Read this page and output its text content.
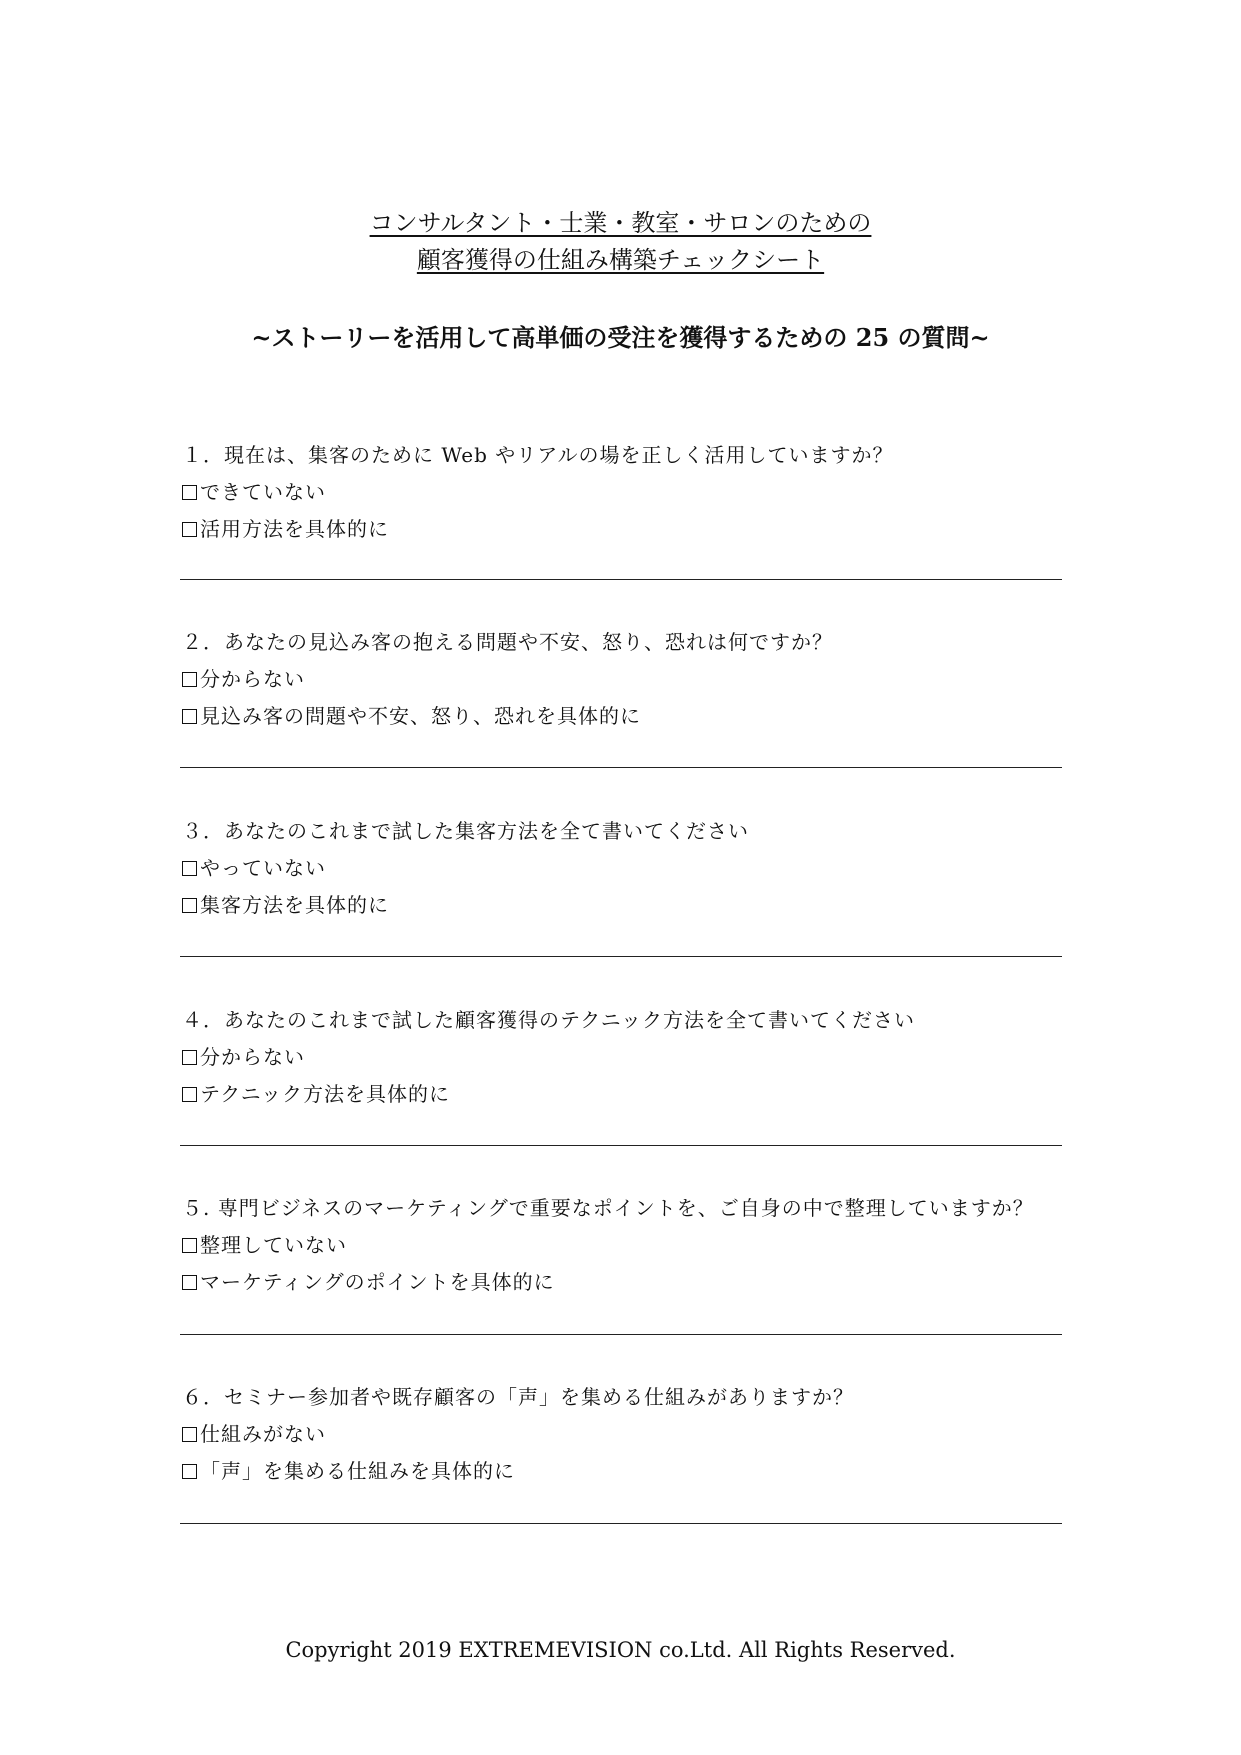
コンサルタント・士業・教室・サロンのための
顧客獲得の仕組み構築チェックシート
~ストーリーを活用して高単価の受注を獲得するための 25 の質問~
１．現在は、集客のために Web やリアルの場を正しく活用していますか？
できていない
活用方法を具体的に
２．あなたの見込み客の抱える問題や不安、怒り、恐れは何ですか？
分からない
見込み客の問題や不安、怒り、恐れを具体的に
３．あなたのこれまで試した集客方法を全て書いてください
やっていない
集客方法を具体的に
４．あなたのこれまで試した顧客獲得のテクニック方法を全て書いてください
分からない
テクニック方法を具体的に
５. 専門ビジネスのマーケティングで重要なポイントを、ご自身の中で整理していますか？
整理していない
マーケティングのポイントを具体的に
６．セミナー参加者や既存顧客の「声」を集める仕組みがありますか？
仕組みがない
「声」を集める仕組みを具体的に
Copyright 2019 EXTREMEVISION co.Ltd. All Rights Reserved.
